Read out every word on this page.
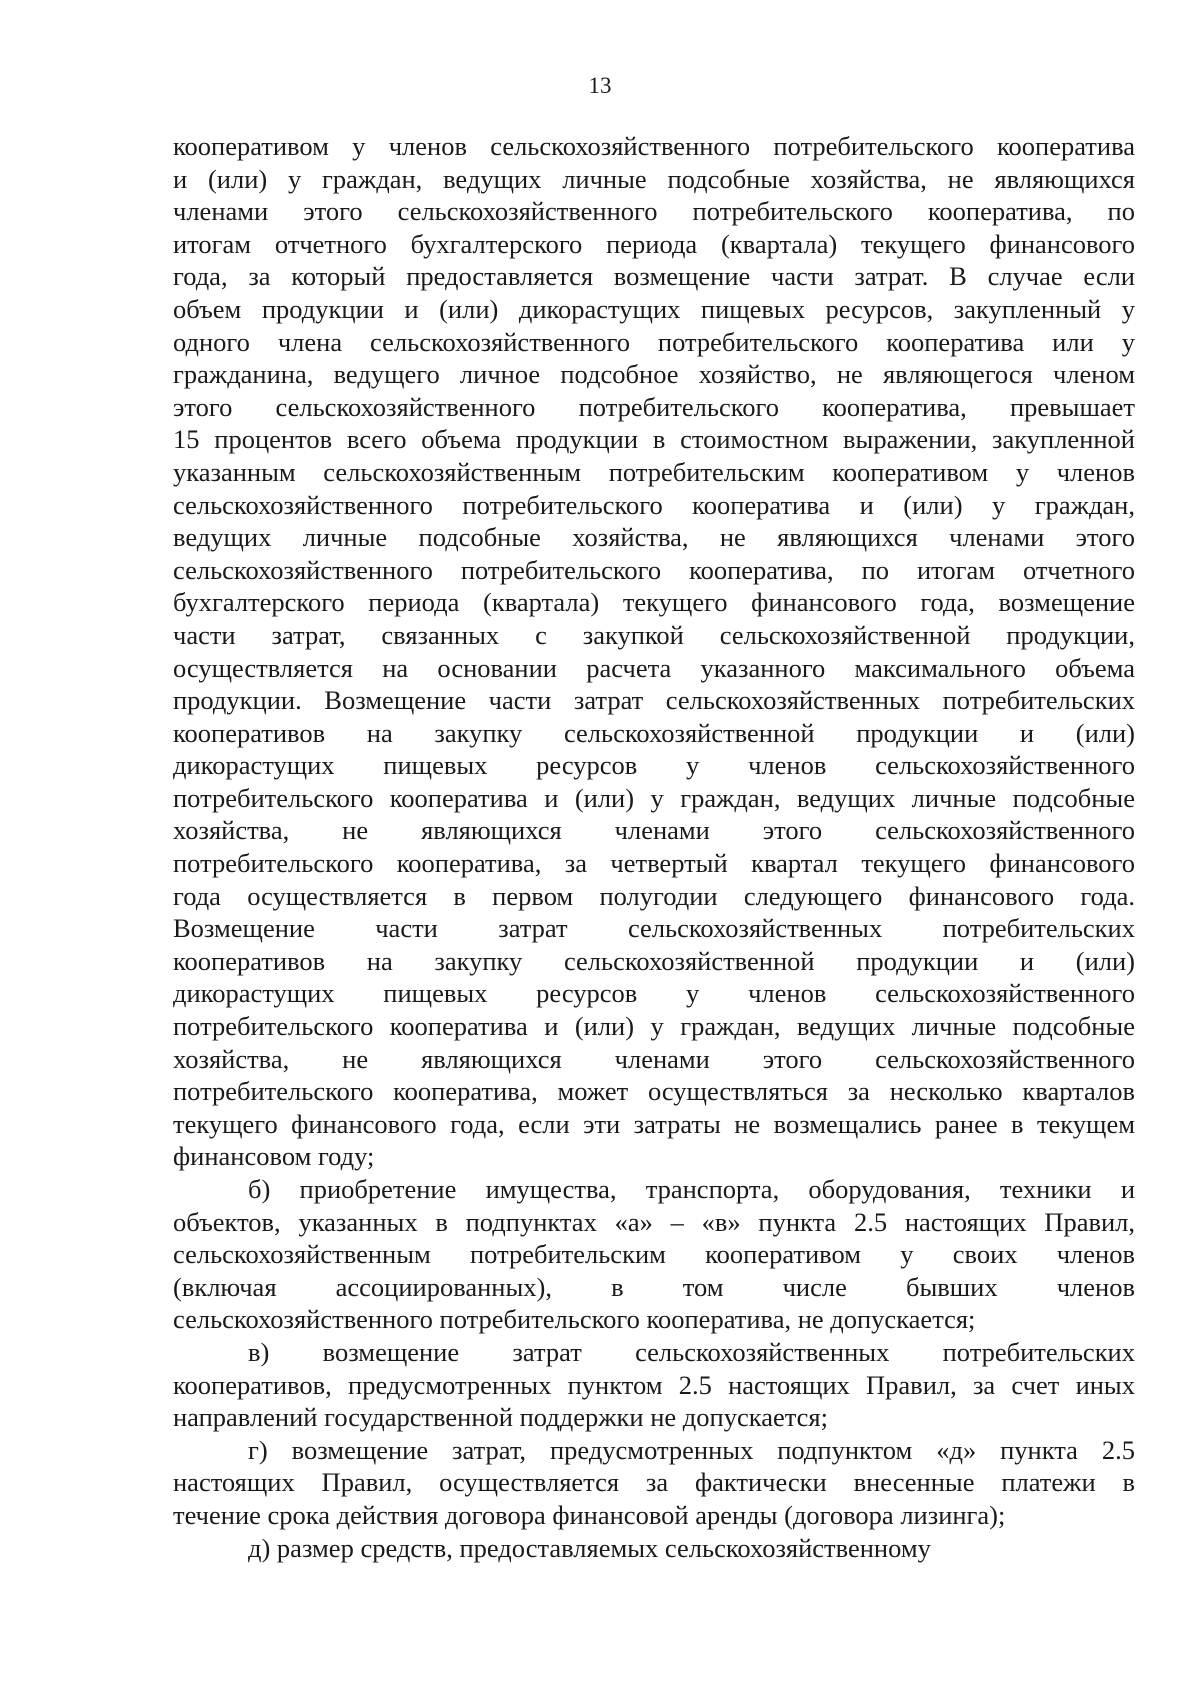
13
кооперативом у членов сельскохозяйственного потребительского кооператива
и (или) у граждан, ведущих личные подсобные хозяйства, не являющихся
членами этого сельскохозяйственного потребительского кооператива, по
итогам отчетного бухгалтерского периода (квартала) текущего финансового
года, за который предоставляется возмещение части затрат. В случае если
объем продукции и (или) дикорастущих пищевых ресурсов, закупленный у
одного члена сельскохозяйственного потребительского кооператива или у
гражданина, ведущего личное подсобное хозяйство, не являющегося членом
этого сельскохозяйственного потребительского кооператива, превышает
15 процентов всего объема продукции в стоимостном выражении, закупленной
указанным сельскохозяйственным потребительским кооперативом у членов
сельскохозяйственного потребительского кооператива и (или) у граждан,
ведущих личные подсобные хозяйства, не являющихся членами этого
сельскохозяйственного потребительского кооператива, по итогам отчетного
бухгалтерского периода (квартала) текущего финансового года, возмещение
части затрат, связанных с закупкой сельскохозяйственной продукции,
осуществляется на основании расчета указанного максимального объема
продукции. Возмещение части затрат сельскохозяйственных потребительских
кооперативов на закупку сельскохозяйственной продукции и (или)
дикорастущих пищевых ресурсов у членов сельскохозяйственного
потребительского кооператива и (или) у граждан, ведущих личные подсобные
хозяйства, не являющихся членами этого сельскохозяйственного
потребительского кооператива, за четвертый квартал текущего финансового
года осуществляется в первом полугодии следующего финансового года.
Возмещение части затрат сельскохозяйственных потребительских
кооперативов на закупку сельскохозяйственной продукции и (или)
дикорастущих пищевых ресурсов у членов сельскохозяйственного
потребительского кооператива и (или) у граждан, ведущих личные подсобные
хозяйства, не являющихся членами этого сельскохозяйственного
потребительского кооператива, может осуществляться за несколько кварталов
текущего финансового года, если эти затраты не возмещались ранее в текущем
финансовом году;
б) приобретение имущества, транспорта, оборудования, техники и
объектов, указанных в подпунктах «а» – «в» пункта 2.5 настоящих Правил,
сельскохозяйственным потребительским кооперативом у своих членов
(включая ассоциированных), в том числе бывших членов
сельскохозяйственного потребительского кооператива, не допускается;
в) возмещение затрат сельскохозяйственных потребительских
кооперативов, предусмотренных пунктом 2.5 настоящих Правил, за счет иных
направлений государственной поддержки не допускается;
г) возмещение затрат, предусмотренных подпунктом «д» пункта 2.5
настоящих Правил, осуществляется за фактически внесенные платежи в
течение срока действия договора финансовой аренды (договора лизинга);
д) размер средств, предоставляемых сельскохозяйственному
